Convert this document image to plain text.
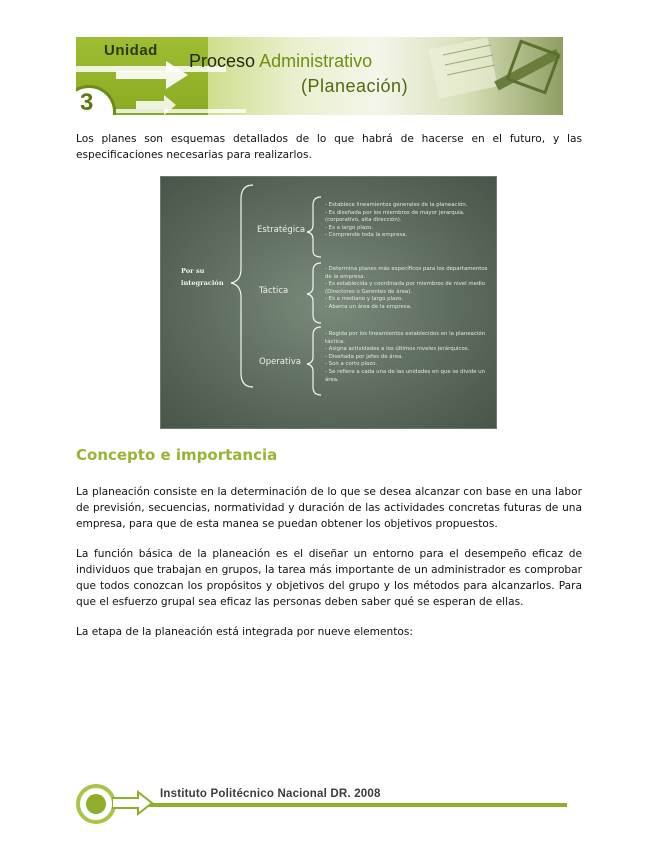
Unidad
3
Proceso Administrativo
(Planeación)

Los planes son esquemas detallados de lo que habrá de hacerse en el futuro, y las especificaciones necesarias para realizarlos.

Por su
integración
Estratégica
Táctica
Operativa
- Establece lineamientos generales de la planeación.
- Es diseñada por los miembros de mayor jerarquía. (corporativo, alta dirección).
- Es a largo plazo.
- Comprende toda la empresa.
- Determina planes más específicos para los departamentos de la empresa.
- Es establecida y coordinada por miembros de nivel medio (Directores o Gerentes de área).
- Es a mediano y largo plazo.
- Abarca un área de la empresa.
- Regida por los lineamientos establecidos en la planeación táctica.
- Asigna actividades a los últimos niveles jerárquicos.
- Diseñada por jefes de área.
- Son a corto plazo.
- Se refiere a cada una de las unidades en que se divide un área.
Concepto e importancia

La planeación consiste en la determinación de lo que se desea alcanzar con base en una labor de previsión, secuencias, normatividad y duración de las actividades concretas futuras de una empresa, para que de esta manea se puedan obtener los objetivos propuestos.

La función básica de la planeación es el diseñar un entorno para el desempeño eficaz de individuos que trabajan en grupos, la tarea más importante de un administrador es comprobar que todos conozcan los propósitos y objetivos del grupo y los métodos para alcanzarlos. Para que el esfuerzo grupal sea eficaz las personas deben saber qué se esperan de ellas.

La etapa de la planeación está integrada por nueve elementos:

Instituto Politécnico Nacional DR. 2008
